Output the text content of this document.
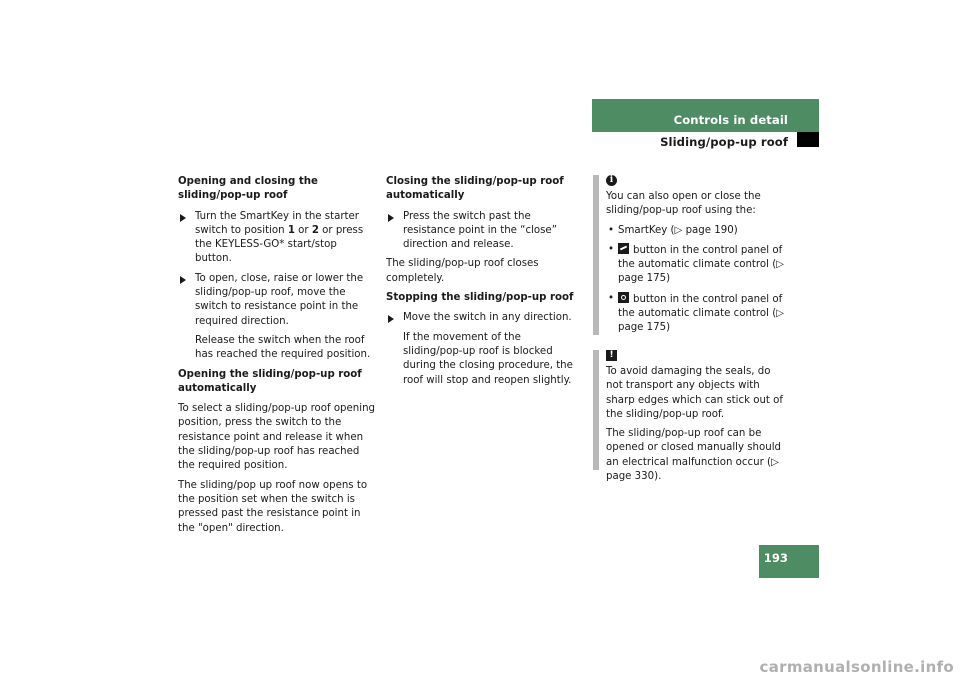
Controls in detail
Sliding/pop-up roof

Opening and closing the sliding/pop-up roof

Turn the SmartKey in the starter switch to position 1 or 2 or press the KEYLESS-GO* start/stop button.
To open, close, raise or lower the sliding/pop-up roof, move the switch to resistance point in the required direction.

Release the switch when the roof has reached the required position.

Opening the sliding/pop-up roof automatically

To select a sliding/pop-up roof opening position, press the switch to the resistance point and release it when the sliding/pop-up roof has reached the required position.

The sliding/pop up roof now opens to the position set when the switch is pressed past the resistance point in the "open" direction.

Closing the sliding/pop-up roof automatically

Press the switch past the resistance point in the “close” direction and release.

The sliding/pop-up roof closes completely.

Stopping the sliding/pop-up roof

Move the switch in any direction.

If the movement of the sliding/pop-up roof is blocked during the closing procedure, the roof will stop and reopen slightly.

i

You can also open or close the sliding/pop-up roof using the:

• SmartKey (▷ page 190)
• button in the control panel of the automatic climate control (▷ page 175)
• button in the control panel of the automatic climate control (▷ page 175)
!

To avoid damaging the seals, do not transport any objects with sharp edges which can stick out of the sliding/pop-up roof.

The sliding/pop-up roof can be opened or closed manually should an electrical malfunction occur (▷ page 330).

193
carmanualsonline.info
